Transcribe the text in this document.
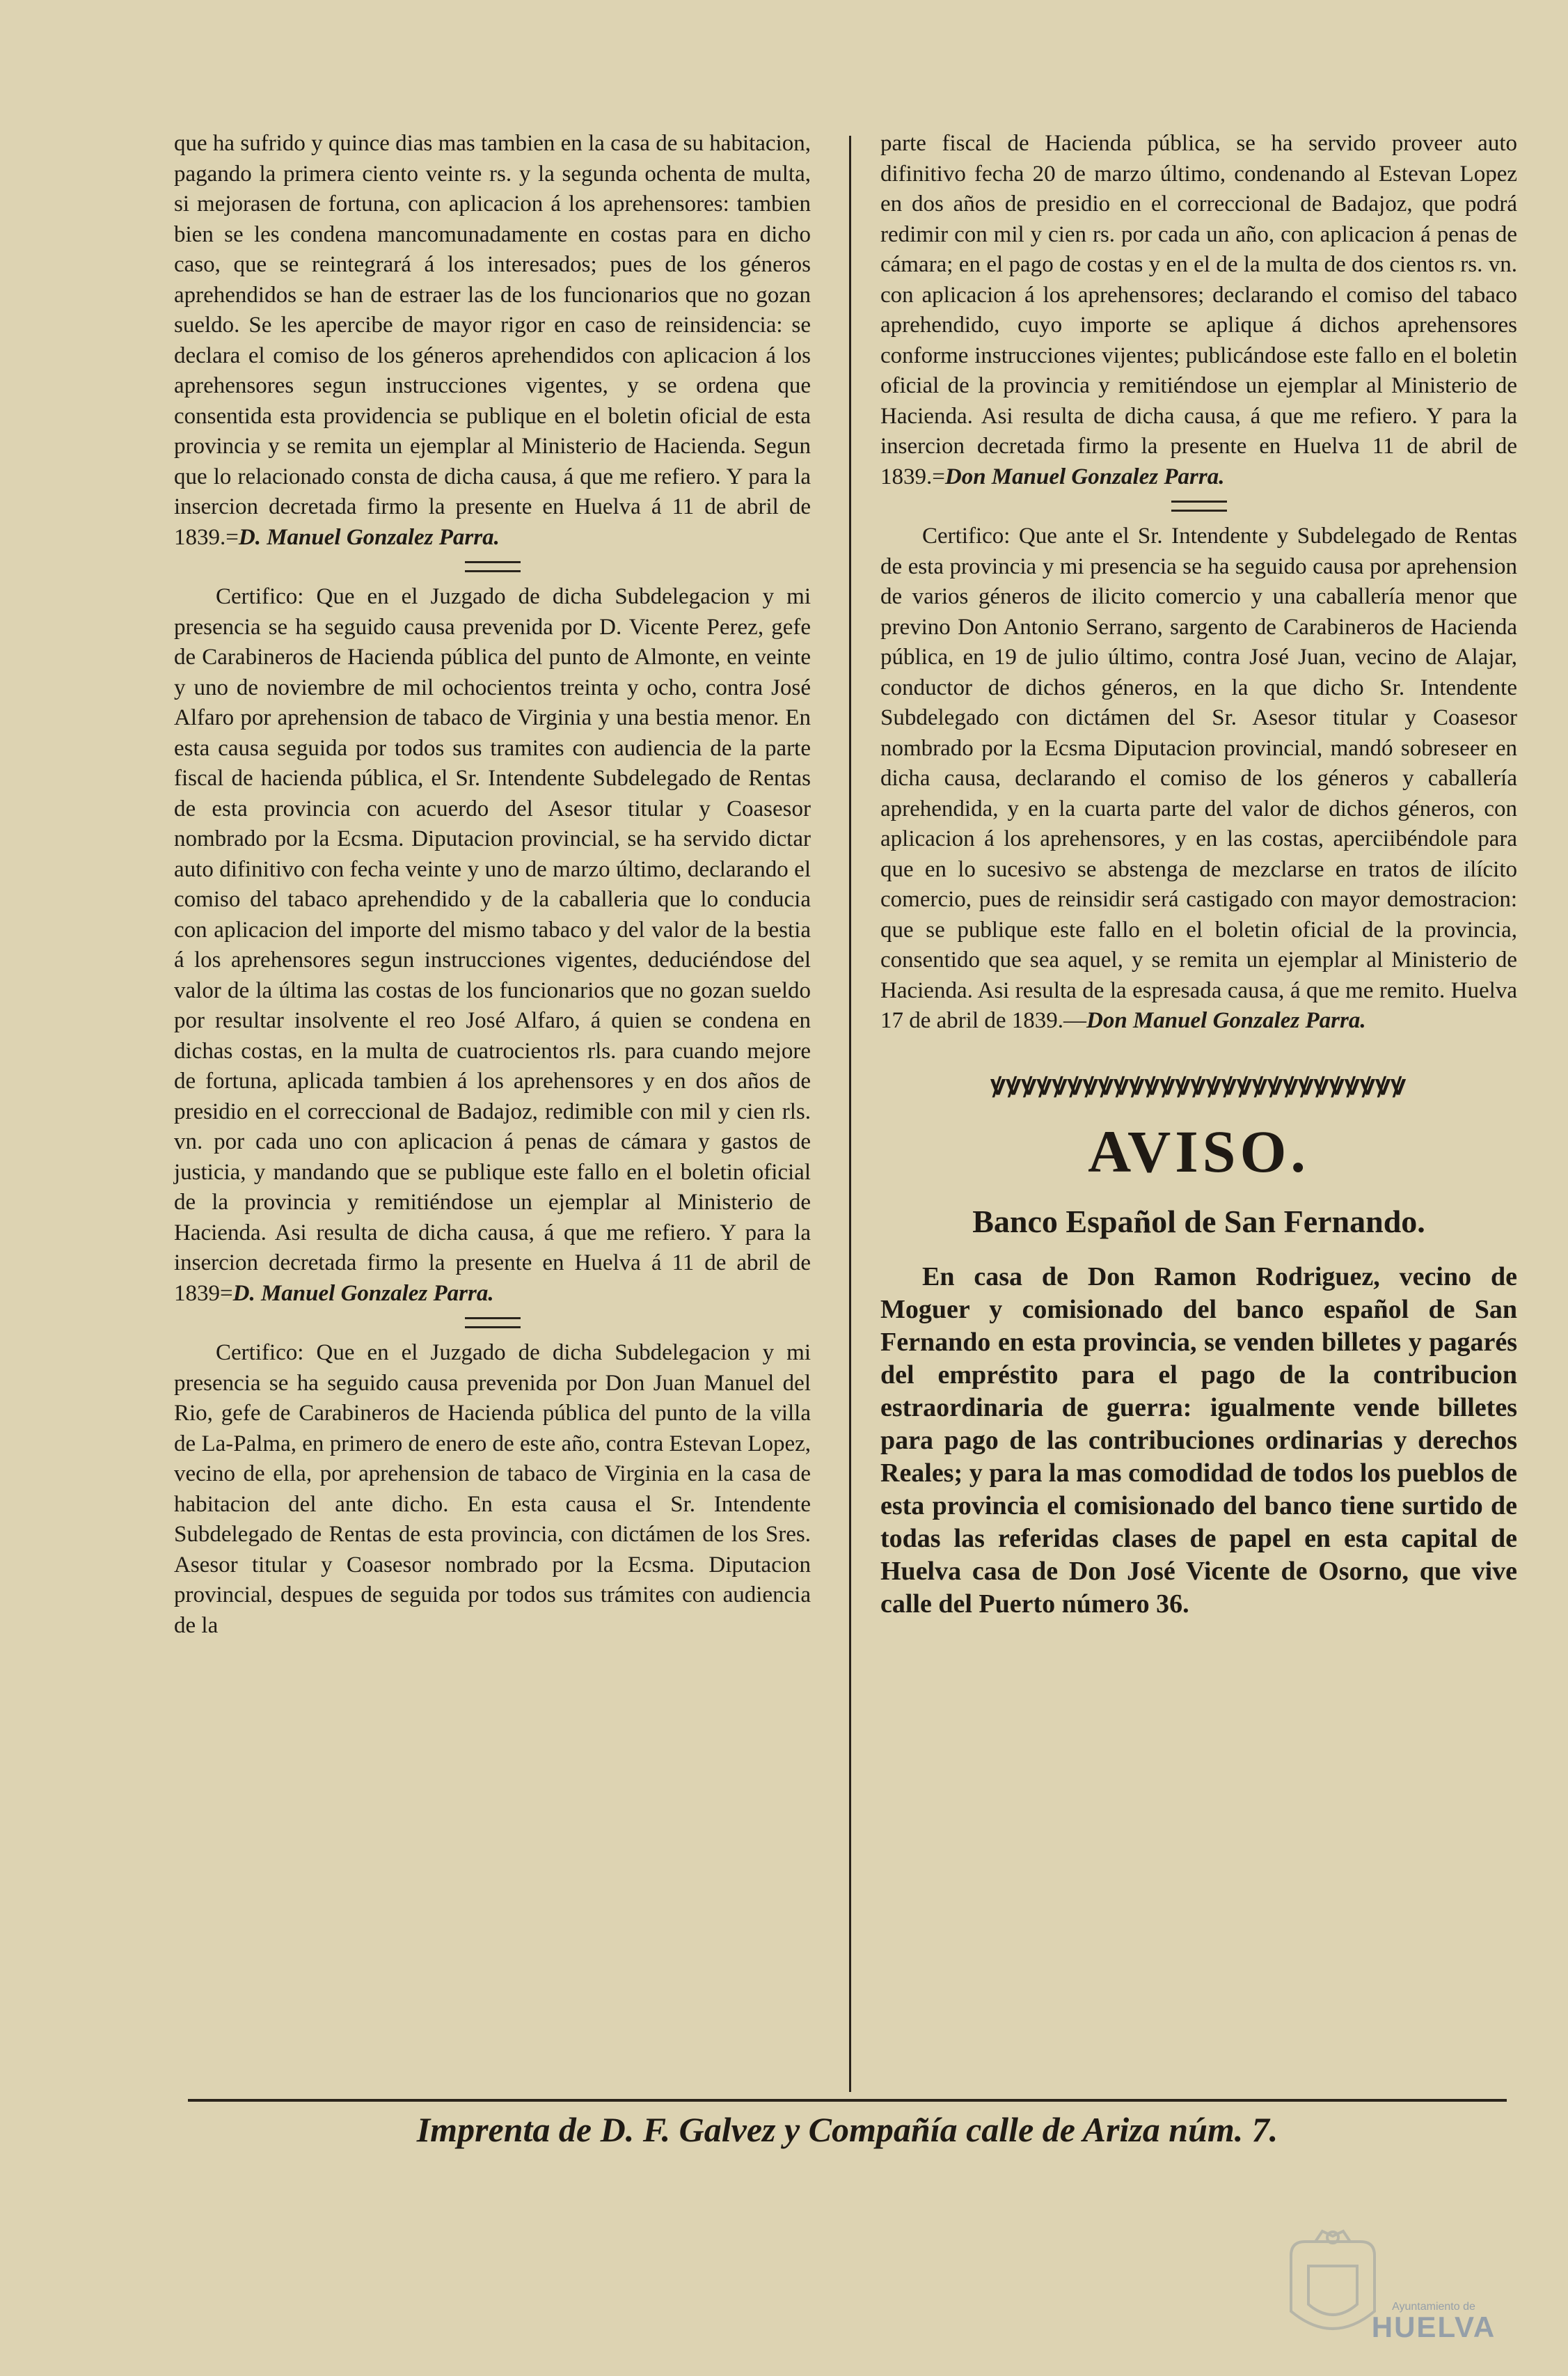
que ha sufrido y quince dias mas tambien en la casa de su habitacion, pagando la primera ciento veinte rs. y la segunda ochenta de multa, si mejorasen de fortuna, con aplicacion á los aprehensores: tambien bien se les condena mancomunadamente en costas para en dicho caso, que se reintegrará á los interesados; pues de los géneros aprehendidos se han de estraer las de los funcionarios que no gozan sueldo. Se les apercibe de mayor rigor en caso de reinsidencia: se declara el comiso de los géneros aprehendidos con aplicacion á los aprehensores segun instrucciones vigentes, y se ordena que consentida esta providencia se publique en el boletin oficial de esta provincia y se remita un ejemplar al Ministerio de Hacienda. Segun que lo relacionado consta de dicha causa, á que me refiero. Y para la insercion decretada firmo la presente en Huelva á 11 de abril de 1839.=D. Manuel Gonzalez Parra.

Certifico: Que en el Juzgado de dicha Subdelegacion y mi presencia se ha seguido causa prevenida por D. Vicente Perez, gefe de Carabineros de Hacienda pública del punto de Almonte, en veinte y uno de noviembre de mil ochocientos treinta y ocho, contra José Alfaro por aprehension de tabaco de Virginia y una bestia menor. En esta causa seguida por todos sus tramites con audiencia de la parte fiscal de hacienda pública, el Sr. Intendente Subdelegado de Rentas de esta provincia con acuerdo del Asesor titular y Coasesor nombrado por la Ecsma. Diputacion provincial, se ha servido dictar auto difinitivo con fecha veinte y uno de marzo último, declarando el comiso del tabaco aprehendido y de la caballeria que lo conducia con aplicacion del importe del mismo tabaco y del valor de la bestia á los aprehensores segun instrucciones vigentes, deduciéndose del valor de la última las costas de los funcionarios que no gozan sueldo por resultar insolvente el reo José Alfaro, á quien se condena en dichas costas, en la multa de cuatrocientos rls. para cuando mejore de fortuna, aplicada tambien á los aprehensores y en dos años de presidio en el correccional de Badajoz, redimible con mil y cien rls. vn. por cada uno con aplicacion á penas de cámara y gastos de justicia, y mandando que se publique este fallo en el boletin oficial de la provincia y remitiéndose un ejemplar al Ministerio de Hacienda. Asi resulta de dicha causa, á que me refiero. Y para la insercion decretada firmo la presente en Huelva á 11 de abril de 1839=D. Manuel Gonzalez Parra.

Certifico: Que en el Juzgado de dicha Subdelegacion y mi presencia se ha seguido causa prevenida por Don Juan Manuel del Rio, gefe de Carabineros de Hacienda pública del punto de la villa de La-Palma, en primero de enero de este año, contra Estevan Lopez, vecino de ella, por aprehension de tabaco de Virginia en la casa de habitacion del ante dicho. En esta causa el Sr. Intendente Subdelegado de Rentas de esta provincia, con dictámen de los Sres. Asesor titular y Coasesor nombrado por la Ecsma. Diputacion provincial, despues de seguida por todos sus trámites con audiencia de la

parte fiscal de Hacienda pública, se ha servido proveer auto difinitivo fecha 20 de marzo último, condenando al Estevan Lopez en dos años de presidio en el correccional de Badajoz, que podrá redimir con mil y cien rs. por cada un año, con aplicacion á penas de cámara; en el pago de costas y en el de la multa de dos cientos rs. vn. con aplicacion á los aprehensores; declarando el comiso del tabaco aprehendido, cuyo importe se aplique á dichos aprehensores conforme instrucciones vijentes; publicándose este fallo en el boletin oficial de la provincia y remitiéndose un ejemplar al Ministerio de Hacienda. Asi resulta de dicha causa, á que me refiero. Y para la insercion decretada firmo la presente en Huelva 11 de abril de 1839.=Don Manuel Gonzalez Parra.

Certifico: Que ante el Sr. Intendente y Subdelegado de Rentas de esta provincia y mi presencia se ha seguido causa por aprehension de varios géneros de ilicito comercio y una caballería menor que previno Don Antonio Serrano, sargento de Carabineros de Hacienda pública, en 19 de julio último, contra José Juan, vecino de Alajar, conductor de dichos géneros, en la que dicho Sr. Intendente Subdelegado con dictámen del Sr. Asesor titular y Coasesor nombrado por la Ecsma Diputacion provincial, mandó sobreseer en dicha causa, declarando el comiso de los géneros y caballería aprehendida, y en la cuarta parte del valor de dichos géneros, con aplicacion á los aprehensores, y en las costas, aperciibéndole para que en lo sucesivo se abstenga de mezclarse en tratos de ilícito comercio, pues de reinsidir será castigado con mayor demostracion: que se publique este fallo en el boletin oficial de la provincia, consentido que sea aquel, y se remita un ejemplar al Ministerio de Hacienda. Asi resulta de la espresada causa, á que me remito. Huelva 17 de abril de 1839.—Don Manuel Gonzalez Parra.

ꝟꝟꝟꝟꝟꝟꝟꝟꝟꝟꝟꝟꝟꝟꝟꝟꝟꝟꝟꝟꝟꝟꝟꝟꝟꝟꝟ
AVISO.
Banco Español de San Fernando.

En casa de Don Ramon Rodriguez, vecino de Moguer y comisionado del banco español de San Fernando en esta provincia, se venden billetes y pagarés del empréstito para el pago de la contribucion estraordinaria de guerra: igualmente vende billetes para pago de las contribuciones ordinarias y derechos Reales; y para la mas comodidad de todos los pueblos de esta provincia el comisionado del banco tiene surtido de todas las referidas clases de papel en esta capital de Huelva casa de Don José Vicente de Osorno, que vive calle del Puerto número 36.

Imprenta de D. F. Galvez y Compañía calle de Ariza núm. 7.
Ayuntamiento de
HUELVA
